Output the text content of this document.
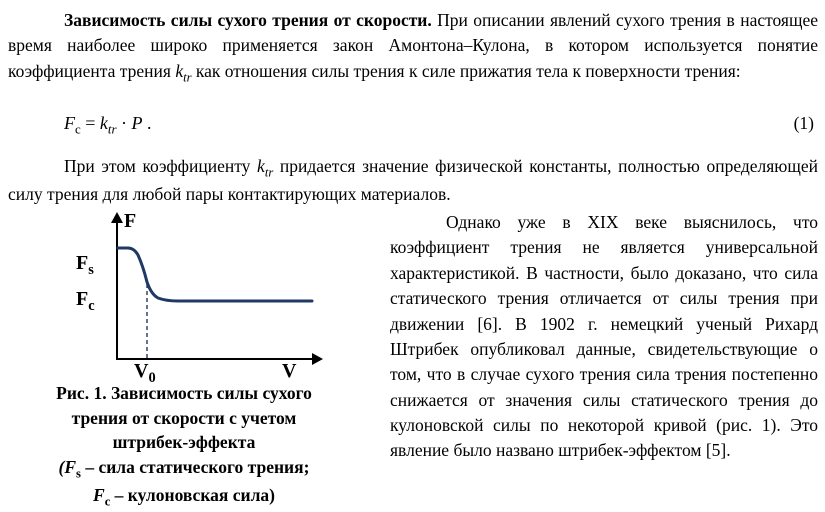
Зависимость силы сухого трения от скорости. При описании явлений сухого трения в настоящее время наиболее широко применяется закон Амонтона–Кулона, в котором используется понятие коэффициента трения $k_{tr}$ как отношения силы трения к силе прижатия тела к поверхности трения:

$F_c = k_{tr} \cdot P$ .	(1)

При этом коэффициенту $k_{tr}$ придается значение физической константы, полностью определяющей силу трения для любой пары контактирующих материалов.

F
V
$F_s$
$F_c$
$V_0$
Рис. 1. Зависимость силы сухого
трения от скорости с учетом
штрибек-эффекта
($F_s$ – сила статического трения;
$F_c$ – кулоновская сила)

Однако уже в XIX веке выяснилось, что коэффициент трения не является универсальной характеристикой. В частности, было доказано, что сила статического трения отличается от силы трения при движении [6]. В 1902 г. немецкий ученый Рихард Штрибек опубликовал данные, свидетельствующие о том, что в случае сухого трения сила трения постепенно снижается от значения силы статического трения до кулоновской силы по некоторой кривой (рис. 1). Это явление было названо штрибек-эффектом [5].
